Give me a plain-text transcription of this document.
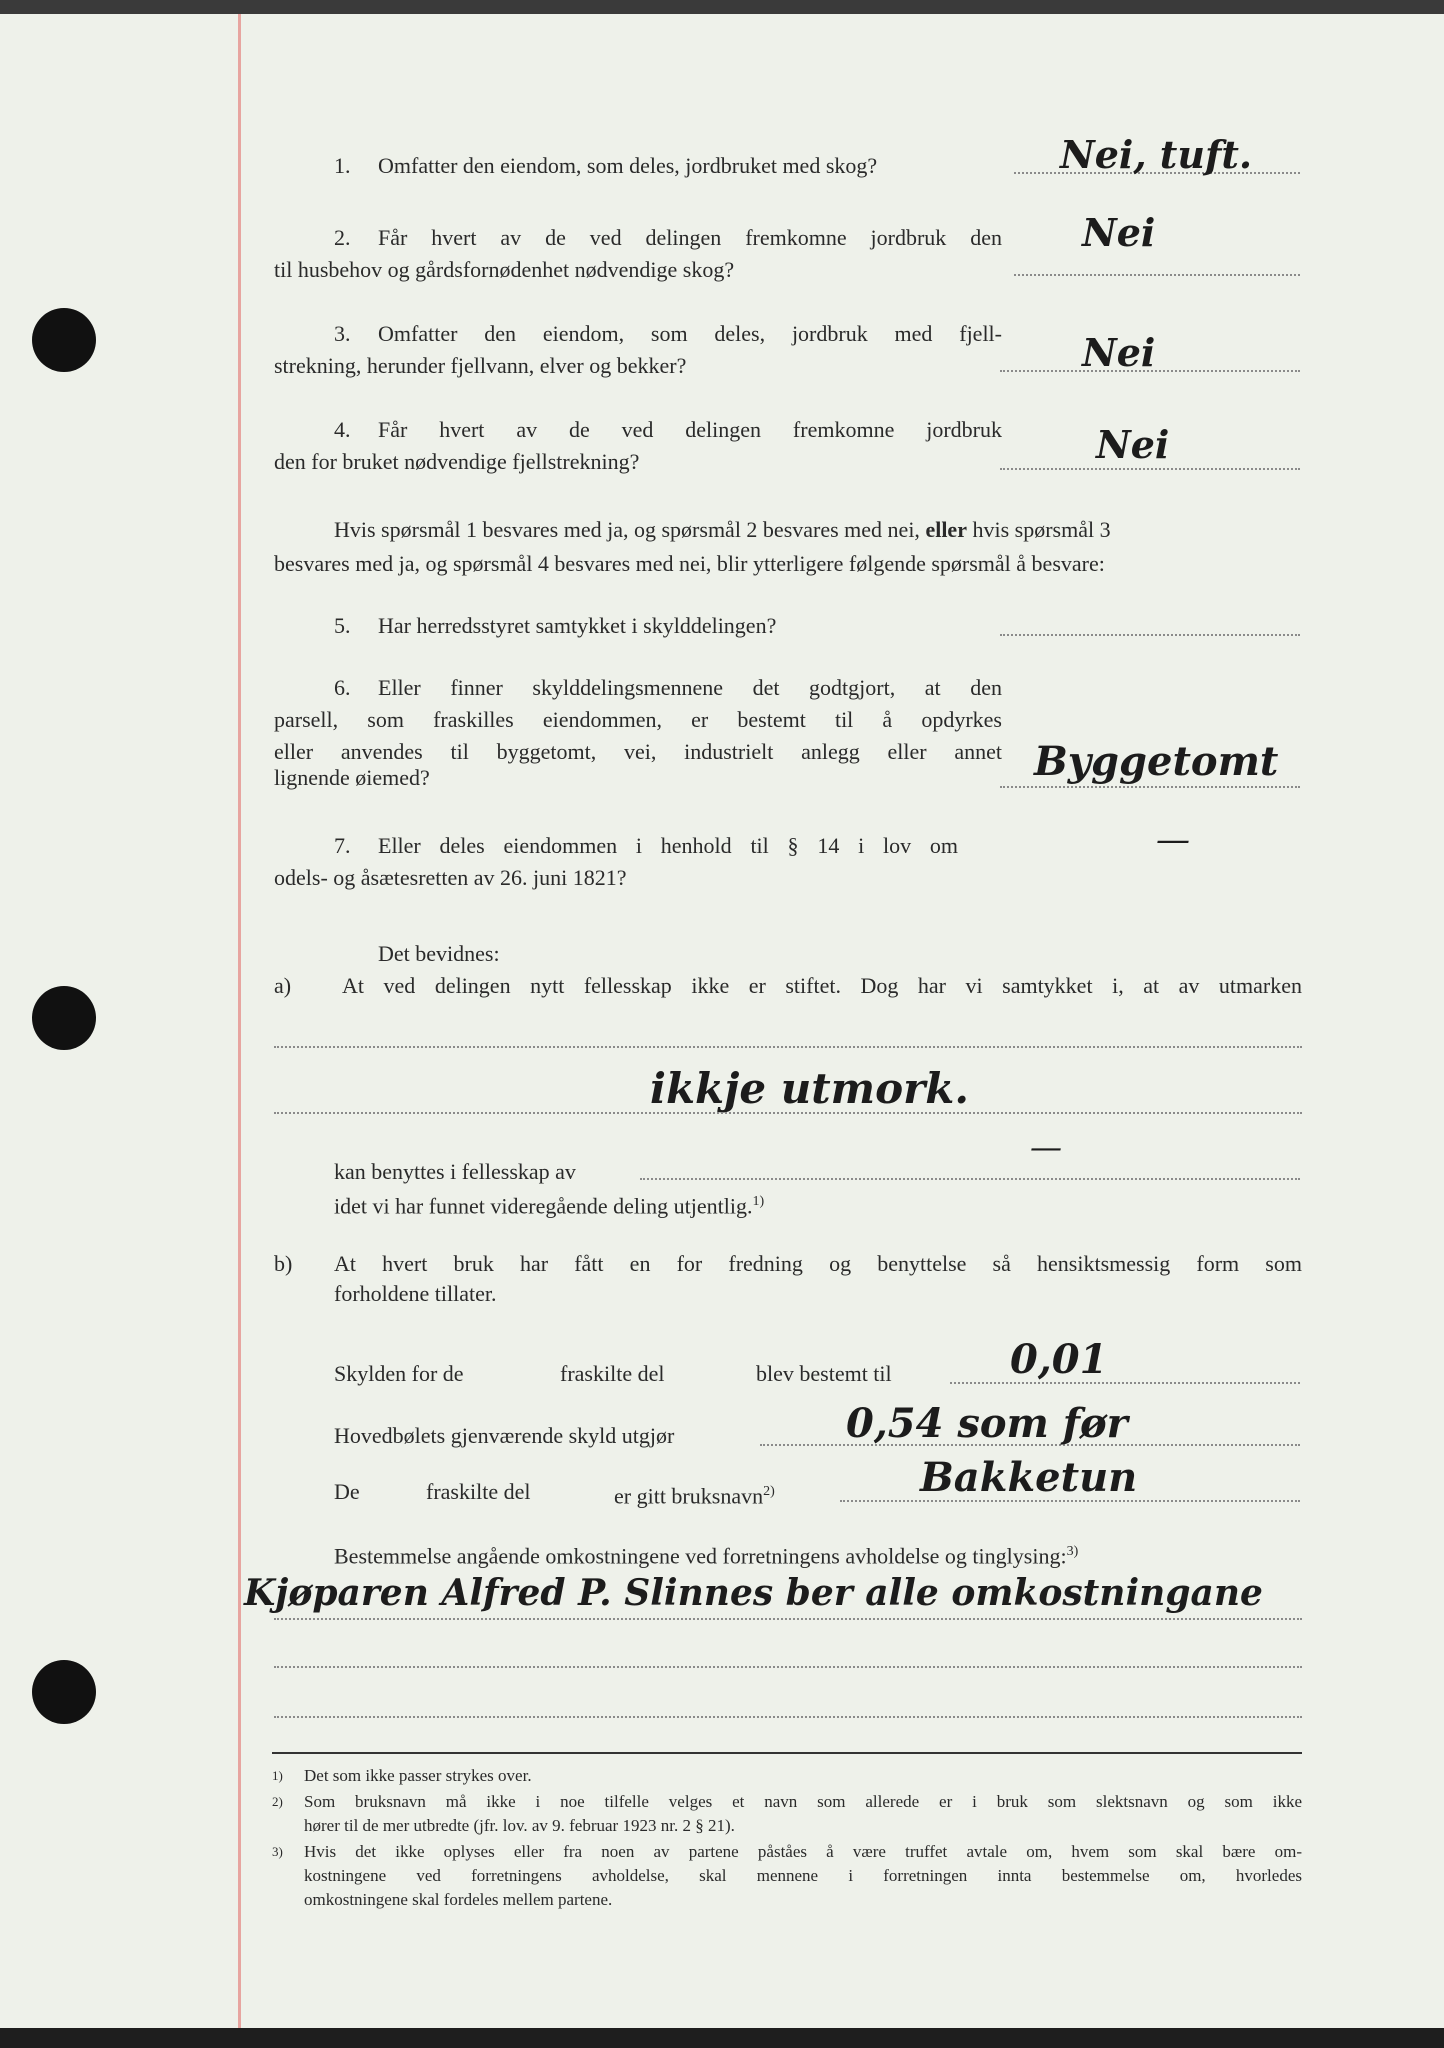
1. Omfatter den eiendom, som deles, jordbruket med skog?	Nei, tuft.
2. Får hvert av de ved delingen fremkomne jordbruk den
til husbehov og gårdsfornødenhet nødvendige skog?
Nei
3. Omfatter den eiendom, som deles, jordbruk med fjell-
strekning, herunder fjellvann, elver og bekker?	Nei
4. Får hvert av de ved delingen fremkomne jordbruk
den for bruket nødvendige fjellstrekning?	Nei
Hvis spørsmål 1 besvares med ja, og spørsmål 2 besvares med nei, eller hvis spørsmål 3
besvares med ja, og spørsmål 4 besvares med nei, blir ytterligere følgende spørsmål å besvare:
5. Har herredsstyret samtykket i skylddelingen?
6. Eller finner skylddelingsmennene det godtgjort, at den
parsell, som fraskilles eiendommen, er bestemt til å opdyrkes
eller anvendes til byggetomt, vei, industrielt anlegg eller annet
lignende øiemed?	Byggetomt
7. Eller deles eiendommen i henhold til § 14 i lov om
odels- og åsætesretten av 26. juni 1821?
—
Det bevidnes:
a) At ved delingen nytt fellesskap ikke er stiftet. Dog har vi samtykket i, at av utmarken
ikkje utmork.
kan benyttes i fellesskap av
—
idet vi har funnet videregående deling utjentlig.$^{1)}$
b) At hvert bruk har fått en for fredning og benyttelse så hensiktsmessig form som
forholdene tillater.
Skylden for de	fraskilte del	blev bestemt til	0,01
Hovedbølets gjenværende skyld utgjør	0,54 som før
De	fraskilte del	er gitt bruksnavn$^{2)}$	Bakketun
Bestemmelse angående omkostningene ved forretningens avholdelse og tinglysing:$^{3)}$
Kjøparen Alfred P. Slinnes ber alle omkostningane
1) Det som ikke passer strykes over.
2) Som bruksnavn må ikke i noe tilfelle velges et navn som allerede er i bruk som slektsnavn og som ikke
hører til de mer utbredte (jfr. lov. av 9. februar 1923 nr. 2 § 21).
3) Hvis det ikke oplyses eller fra noen av partene påståes å være truffet avtale om, hvem som skal bære om-
kostningene ved forretningens avholdelse, skal mennene i forretningen innta bestemmelse om, hvorledes
omkostningene skal fordeles mellem partene.
